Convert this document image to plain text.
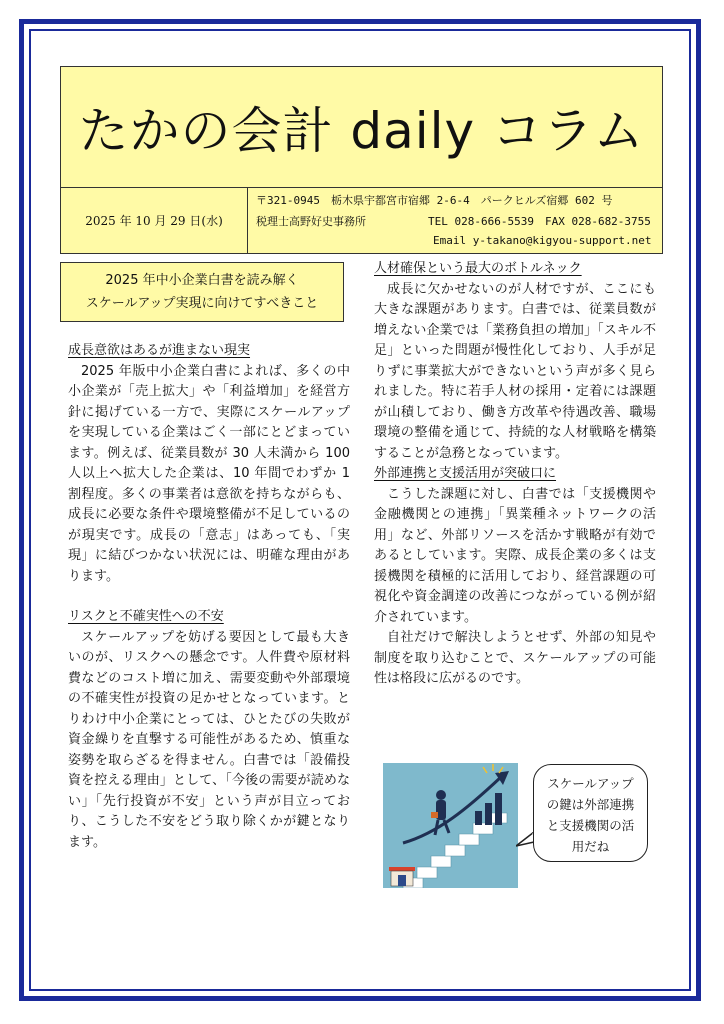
たかの会計 daily コラム
2025 年 10 月 29 日(水)
〒321-0945　栃木県宇都宮市宿郷 2-6-4　パークヒルズ宿郷 602 号
税理士高野好史事務所	TEL 028-666-5539　FAX 028-682-3755
Email y-takano@kigyou-support.net
2025 年中小企業白書を読み解く
スケールアップ実現に向けてすべきこと
成長意欲はあるが進まない現実
2025 年版中小企業白書によれば、多くの中小企業が「売上拡大」や「利益増加」を経営方針に掲げている一方で、実際にスケールアップを実現している企業はごく一部にとどまっています。例えば、従業員数が 30 人未満から 100 人以上へ拡大した企業は、10 年間でわずか 1 割程度。多くの事業者は意欲を持ちながらも、成長に必要な条件や環境整備が不足しているのが現実です。成長の「意志」はあっても、「実現」に結びつかない状況には、明確な理由があります。
リスクと不確実性への不安
スケールアップを妨げる要因として最も大きいのが、リスクへの懸念です。人件費や原材料費などのコスト増に加え、需要変動や外部環境の不確実性が投資の足かせとなっています。とりわけ中小企業にとっては、ひとたびの失敗が資金繰りを直撃する可能性があるため、慎重な姿勢を取らざるを得ません。白書では「設備投資を控える理由」として、「今後の需要が読めない」「先行投資が不安」という声が目立っており、こうした不安をどう取り除くかが鍵となります。
人材確保という最大のボトルネック
成長に欠かせないのが人材ですが、ここにも大きな課題があります。白書では、従業員数が増えない企業では「業務負担の増加」「スキル不足」といった問題が慢性化しており、人手が足りずに事業拡大ができないという声が多く見られました。特に若手人材の採用・定着には課題が山積しており、働き方改革や待遇改善、職場環境の整備を通じて、持続的な人材戦略を構築することが急務となっています。
外部連携と支援活用が突破口に
こうした課題に対し、白書では「支援機関や金融機関との連携」「異業種ネットワークの活用」など、外部リソースを活かす戦略が有効であるとしています。実際、成長企業の多くは支援機関を積極的に活用しており、経営課題の可視化や資金調達の改善につながっている例が紹介されています。
自社だけで解決しようとせず、外部の知見や制度を取り込むことで、スケールアップの可能性は格段に広がるのです。
スケールアップの鍵は外部連携と支援機関の活用だね
